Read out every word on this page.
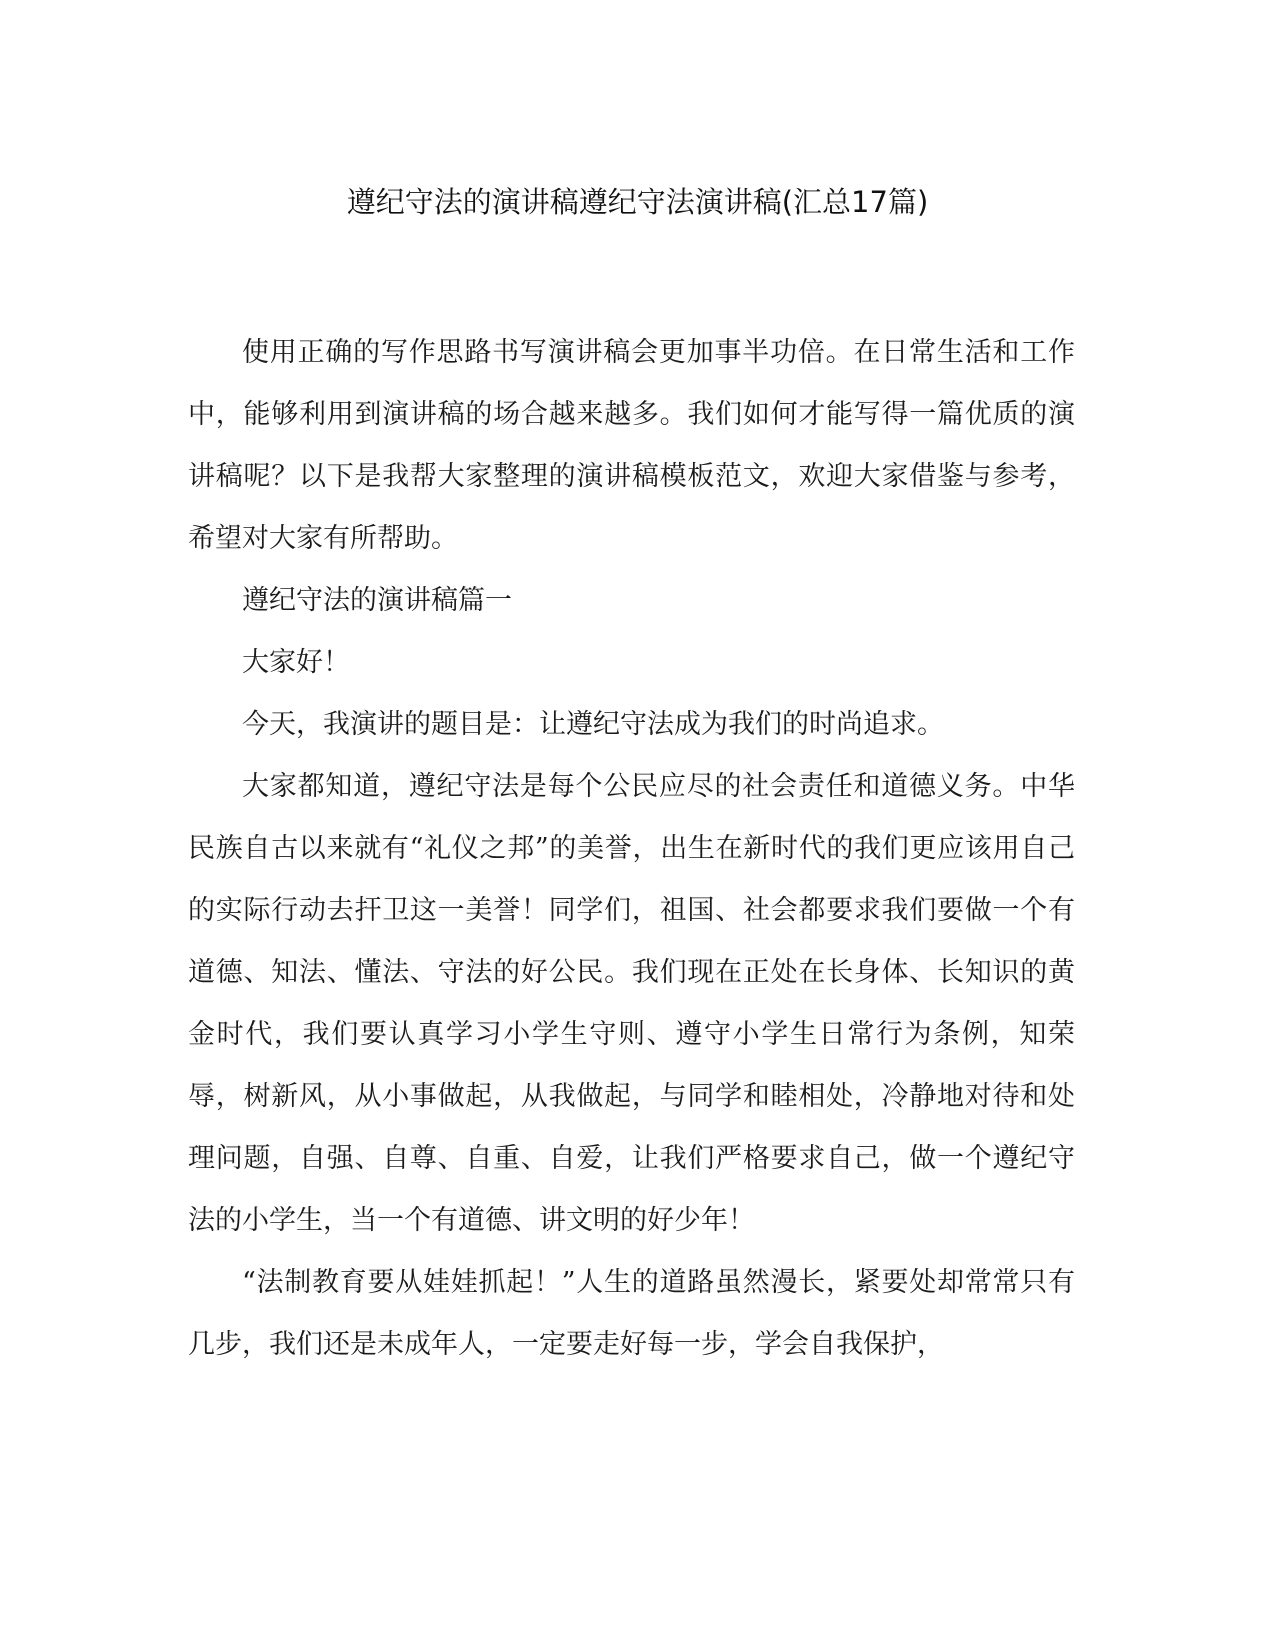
遵纪守法的演讲稿遵纪守法演讲稿(汇总17篇)

使用正确的写作思路书写演讲稿会更加事半功倍。在日常生活和工作中，能够利用到演讲稿的场合越来越多。我们如何才能写得一篇优质的演讲稿呢？以下是我帮大家整理的演讲稿模板范文，欢迎大家借鉴与参考，希望对大家有所帮助。

遵纪守法的演讲稿篇一

大家好！

今天，我演讲的题目是：让遵纪守法成为我们的时尚追求。

大家都知道，遵纪守法是每个公民应尽的社会责任和道德义务。中华民族自古以来就有“礼仪之邦”的美誉，出生在新时代的我们更应该用自己的实际行动去扞卫这一美誉！同学们，祖国、社会都要求我们要做一个有道德、知法、懂法、守法的好公民。我们现在正处在长身体、长知识的黄金时代，我们要认真学习小学生守则、遵守小学生日常行为条例，知荣辱，树新风，从小事做起，从我做起，与同学和睦相处，冷静地对待和处理问题，自强、自尊、自重、自爱，让我们严格要求自己，做一个遵纪守法的小学生，当一个有道德、讲文明的好少年！

“法制教育要从娃娃抓起！”人生的道路虽然漫长，紧要处却常常只有几步，我们还是未成年人，一定要走好每一步，学会自我保护，
